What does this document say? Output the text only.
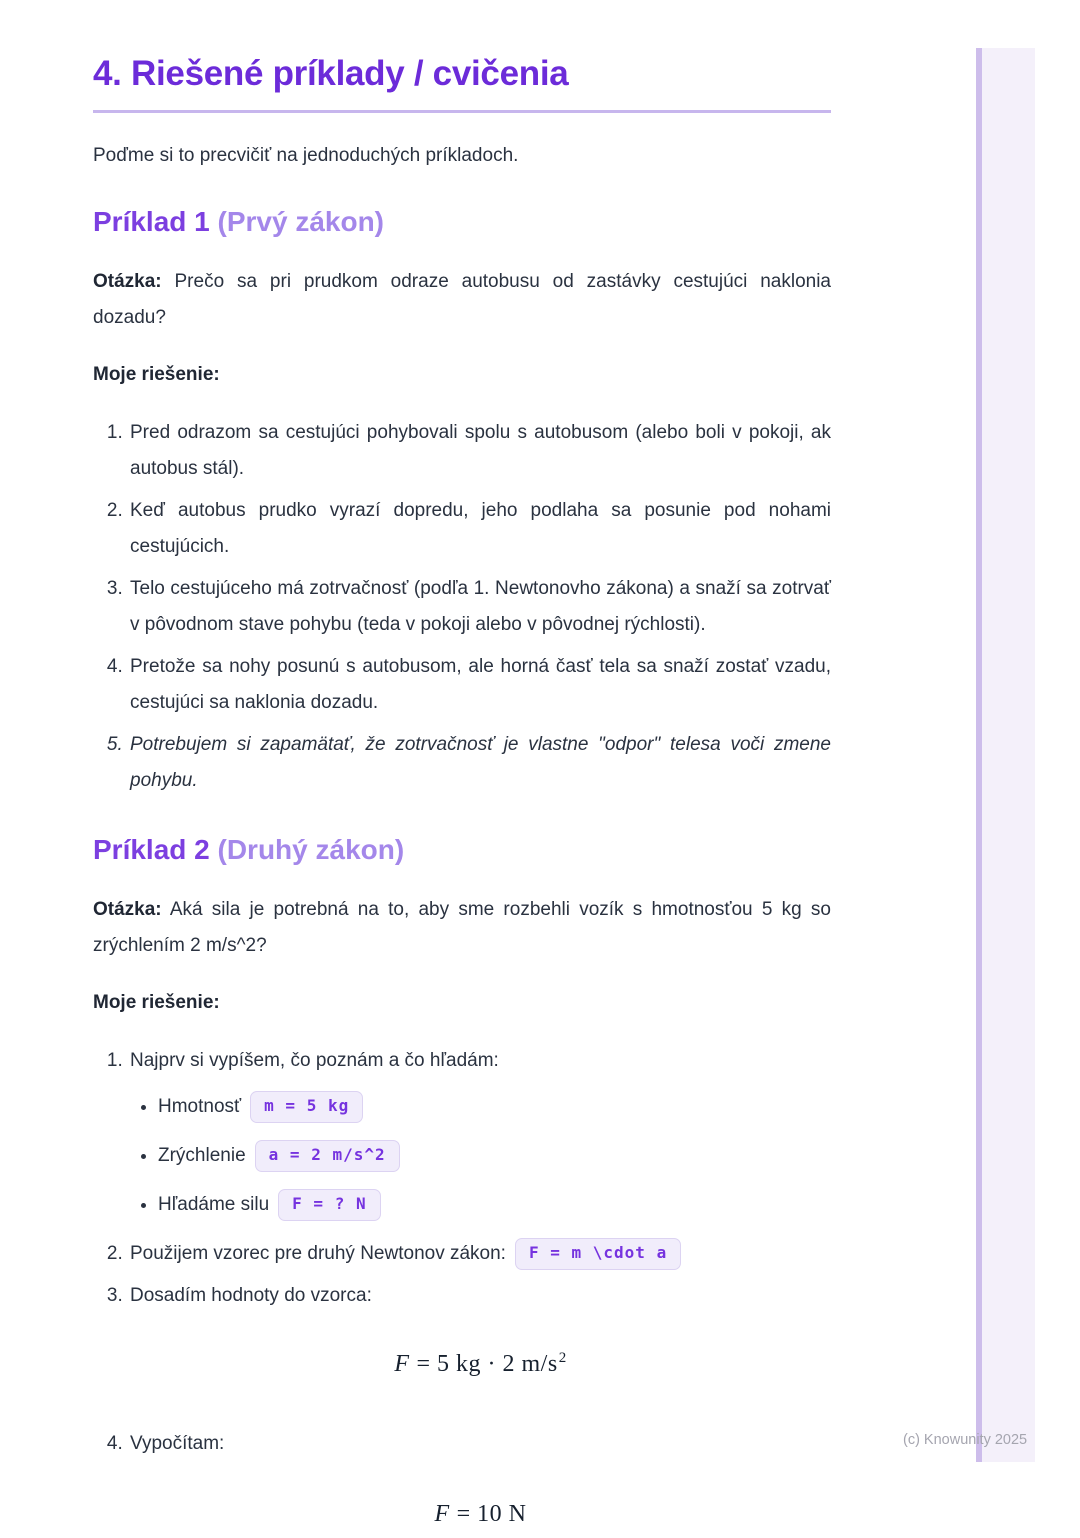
(c) Knowunity 2025
4. Riešené príklady / cvičenia

Poďme si to precvičiť na jednoduchých príkladoch.

Príklad 1 (Prvý zákon)

Otázka: Prečo sa pri prudkom odraze autobusu od zastávky cestujúci naklonia dozadu?

Moje riešenie:

1. Pred odrazom sa cestujúci pohybovali spolu s autobusom (alebo boli v pokoji, ak autobus stál).
2. Keď autobus prudko vyrazí dopredu, jeho podlaha sa posunie pod nohami cestujúcich.
3. Telo cestujúceho má zotrvačnosť (podľa 1. Newtonovho zákona) a snaží sa zotrvať v pôvodnom stave pohybu (teda v pokoji alebo v pôvodnej rýchlosti).
4. Pretože sa nohy posunú s autobusom, ale horná časť tela sa snaží zostať vzadu, cestujúci sa naklonia dozadu.
5. Potrebujem si zapamätať, že zotrvačnosť je vlastne "odpor" telesa voči zmene pohybu.
Príklad 2 (Druhý zákon)

Otázka: Aká sila je potrebná na to, aby sme rozbehli vozík s hmotnosťou 5 kg so zrýchlením 2 m/s^2?

Moje riešenie:

1. Najprv si vypíšem, čo poznám a čo hľadám:
• Hmotnosť m = 5 kg
• Zrýchlenie a = 2 m/s^2
• Hľadáme silu F = ? N
2. Použijem vzorec pre druhý Newtonov zákon: F = m \cdot a
3. Dosadím hodnoty do vzorca:
F = 5 kg · 2 $m/s^2$
4. Vypočítam:
F = 10 N
